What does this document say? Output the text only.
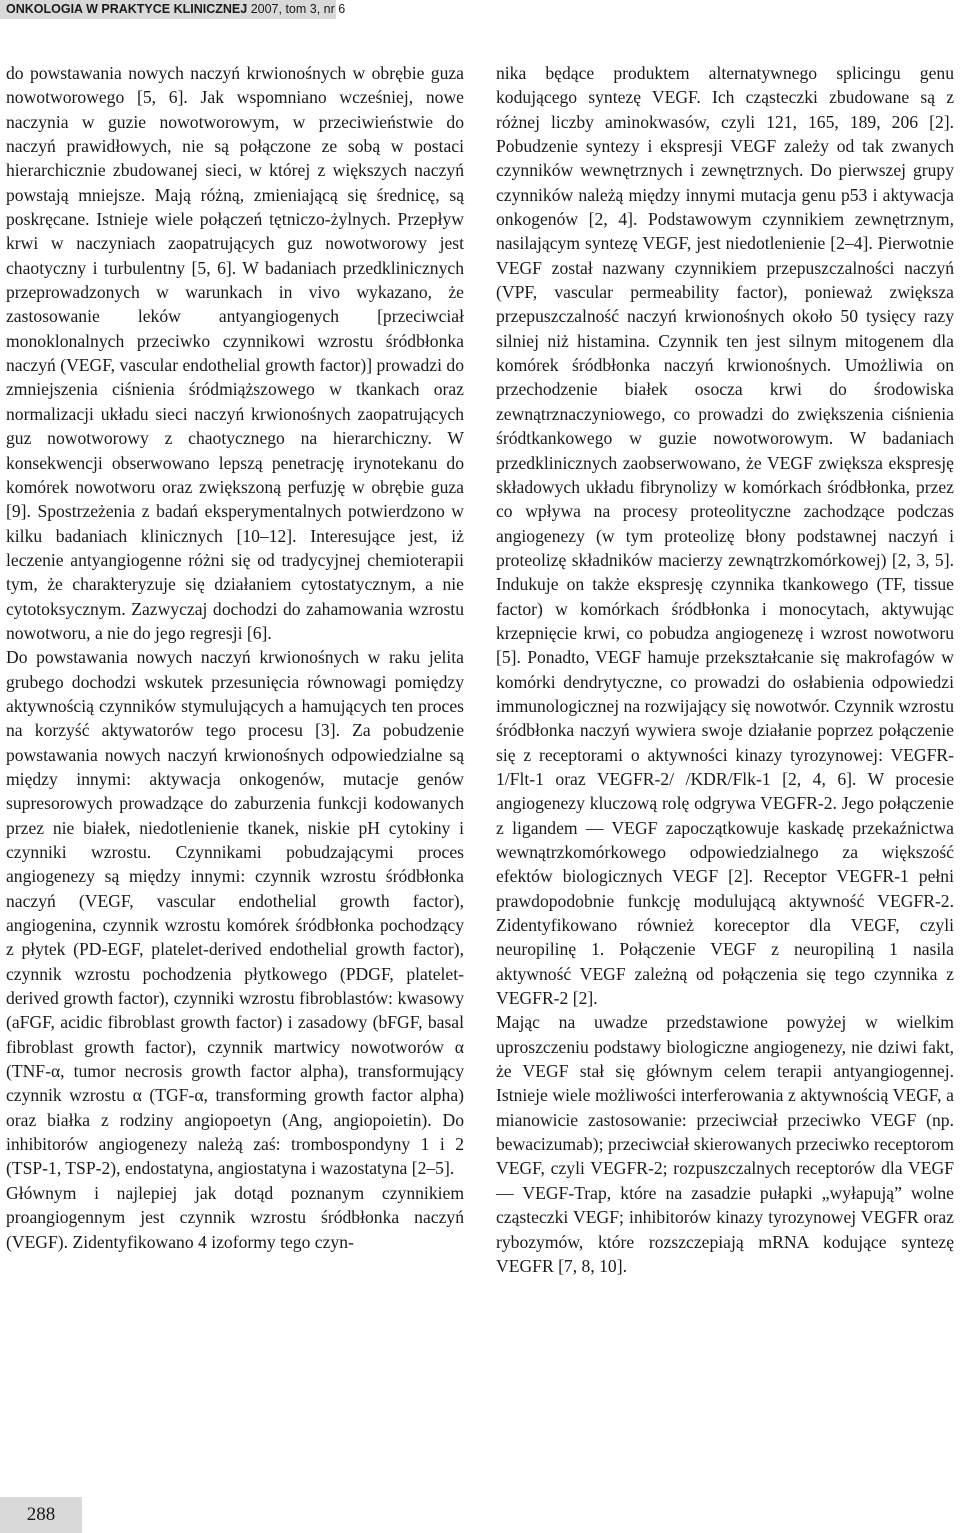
ONKOLOGIA W PRAKTYCE KLINICZNEJ 2007, tom 3, nr 6

do powstawania nowych naczyń krwionośnych w obrębie guza nowotworowego [5, 6]. Jak wspomniano wcześniej, nowe naczynia w guzie nowotworowym, w przeciwieństwie do naczyń prawidłowych, nie są połączone ze sobą w postaci hierarchicznie zbudowanej sieci, w której z większych naczyń powstają mniejsze. Mają różną, zmieniającą się średnicę, są poskręcane. Istnieje wiele połączeń tętniczo-żylnych. Przepływ krwi w naczyniach zaopatrujących guz nowotworowy jest chaotyczny i turbulentny [5, 6]. W badaniach przedklinicznych przeprowadzonych w warunkach in vivo wykazano, że zastosowanie leków antyangiogenych [przeciwciał monoklonalnych przeciwko czynnikowi wzrostu śródbłonka naczyń (VEGF, vascular endothelial growth factor)] prowadzi do zmniejszenia ciśnienia śródmiąższowego w tkankach oraz normalizacji układu sieci naczyń krwionośnych zaopatrujących guz nowotworowy z chaotycznego na hierarchiczny. W konsekwencji obserwowano lepszą penetrację irynotekanu do komórek nowotworu oraz zwiększoną perfuzję w obrębie guza [9]. Spostrzeżenia z badań eksperymentalnych potwierdzono w kilku badaniach klinicznych [10–12]. Interesujące jest, iż leczenie antyangiogenne różni się od tradycyjnej chemioterapii tym, że charakteryzuje się działaniem cytostatycznym, a nie cytotoksycznym. Zazwyczaj dochodzi do zahamowania wzrostu nowotworu, a nie do jego regresji [6].

Do powstawania nowych naczyń krwionośnych w raku jelita grubego dochodzi wskutek przesunięcia równowagi pomiędzy aktywnością czynników stymulujących a hamujących ten proces na korzyść aktywatorów tego procesu [3]. Za pobudzenie powstawania nowych naczyń krwionośnych odpowiedzialne są między innymi: aktywacja onkogenów, mutacje genów supresorowych prowadzące do zaburzenia funkcji kodowanych przez nie białek, niedotlenienie tkanek, niskie pH cytokiny i czynniki wzrostu. Czynnikami pobudzającymi proces angiogenezy są między innymi: czynnik wzrostu śródbłonka naczyń (VEGF, vascular endothelial growth factor), angiogenina, czynnik wzrostu komórek śródbłonka pochodzący z płytek (PD-EGF, platelet-derived endothelial growth factor), czynnik wzrostu pochodzenia płytkowego (PDGF, platelet-derived growth factor), czynniki wzrostu fibroblastów: kwasowy (aFGF, acidic fibroblast growth factor) i zasadowy (bFGF, basal fibroblast growth factor), czynnik martwicy nowotworów α (TNF-α, tumor necrosis growth factor alpha), transformujący czynnik wzrostu α (TGF-α, transforming growth factor alpha) oraz białka z rodziny angiopoetyn (Ang, angiopoietin). Do inhibitorów angiogenezy należą zaś: trombospondyny 1 i 2 (TSP-1, TSP-2), endostatyna, angiostatyna i wazostatyna [2–5].

Głównym i najlepiej jak dotąd poznanym czynnikiem proangiogennym jest czynnik wzrostu śródbłonka naczyń (VEGF). Zidentyfikowano 4 izoformy tego czyn-

nika będące produktem alternatywnego splicingu genu kodującego syntezę VEGF. Ich cząsteczki zbudowane są z różnej liczby aminokwasów, czyli 121, 165, 189, 206 [2]. Pobudzenie syntezy i ekspresji VEGF zależy od tak zwanych czynników wewnętrznych i zewnętrznych. Do pierwszej grupy czynników należą między innymi mutacja genu p53 i aktywacja onkogenów [2, 4]. Podstawowym czynnikiem zewnętrznym, nasilającym syntezę VEGF, jest niedotlenienie [2–4]. Pierwotnie VEGF został nazwany czynnikiem przepuszczalności naczyń (VPF, vascular permeability factor), ponieważ zwiększa przepuszczalność naczyń krwionośnych około 50 tysięcy razy silniej niż histamina. Czynnik ten jest silnym mitogenem dla komórek śródbłonka naczyń krwionośnych. Umożliwia on przechodzenie białek osocza krwi do środowiska zewnątrznaczyniowego, co prowadzi do zwiększenia ciśnienia śródtkankowego w guzie nowotworowym. W badaniach przedklinicznych zaobserwowano, że VEGF zwiększa ekspresję składowych układu fibrynolizy w komórkach śródbłonka, przez co wpływa na procesy proteolityczne zachodzące podczas angiogenezy (w tym proteolizę błony podstawnej naczyń i proteolizę składników macierzy zewnątrzkomórkowej) [2, 3, 5]. Indukuje on także ekspresję czynnika tkankowego (TF, tissue factor) w komórkach śródbłonka i monocytach, aktywując krzepnięcie krwi, co pobudza angiogenezę i wzrost nowotworu [5]. Ponadto, VEGF hamuje przekształcanie się makrofagów w komórki dendrytyczne, co prowadzi do osłabienia odpowiedzi immunologicznej na rozwijający się nowotwór. Czynnik wzrostu śródbłonka naczyń wywiera swoje działanie poprzez połączenie się z receptorami o aktywności kinazy tyrozynowej: VEGFR-1/Flt-1 oraz VEGFR-2/ /KDR/Flk-1 [2, 4, 6]. W procesie angiogenezy kluczową rolę odgrywa VEGFR-2. Jego połączenie z ligandem — VEGF zapoczątkowuje kaskadę przekaźnictwa wewnątrzkomórkowego odpowiedzialnego za większość efektów biologicznych VEGF [2]. Receptor VEGFR-1 pełni prawdopodobnie funkcję modulującą aktywność VEGFR-2. Zidentyfikowano również koreceptor dla VEGF, czyli neuropilinę 1. Połączenie VEGF z neuropiliną 1 nasila aktywność VEGF zależną od połączenia się tego czynnika z VEGFR-2 [2].

Mając na uwadze przedstawione powyżej w wielkim uproszczeniu podstawy biologiczne angiogenezy, nie dziwi fakt, że VEGF stał się głównym celem terapii antyangiogennej. Istnieje wiele możliwości interferowania z aktywnością VEGF, a mianowicie zastosowanie: przeciwciał przeciwko VEGF (np. bewacizumab); przeciwciał skierowanych przeciwko receptorom VEGF, czyli VEGFR-2; rozpuszczalnych receptorów dla VEGF — VEGF-Trap, które na zasadzie pułapki „wyłapują” wolne cząsteczki VEGF; inhibitorów kinazy tyrozynowej VEGFR oraz rybozymów, które rozszczepiają mRNA kodujące syntezę VEGFR [7, 8, 10].

288
